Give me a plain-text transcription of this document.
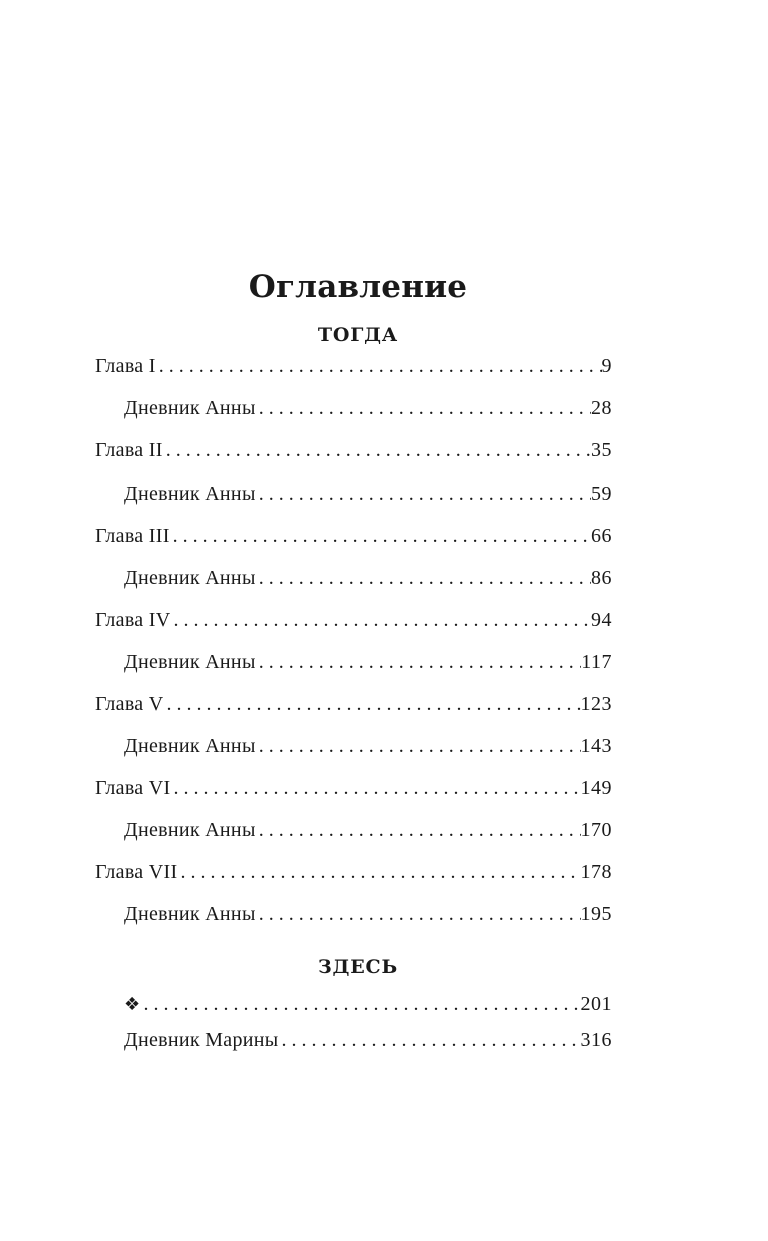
Оглавление
ТОГДА
Глава I . . .	9
Дневник Анны . . .	28
Глава II . . .	35
Дневник Анны . . .	59
Глава III . . .	66
Дневник Анны . . .	86
Глава IV . . .	94
Дневник Анны . . .	117
Глава V . . .	123
Дневник Анны . . .	143
Глава VI . . .	149
Дневник Анны . . .	170
Глава VII . . .	178
Дневник Анны . . .	195
ЗДЕСЬ
❖ . . .	201
Дневник Марины . . .	316
